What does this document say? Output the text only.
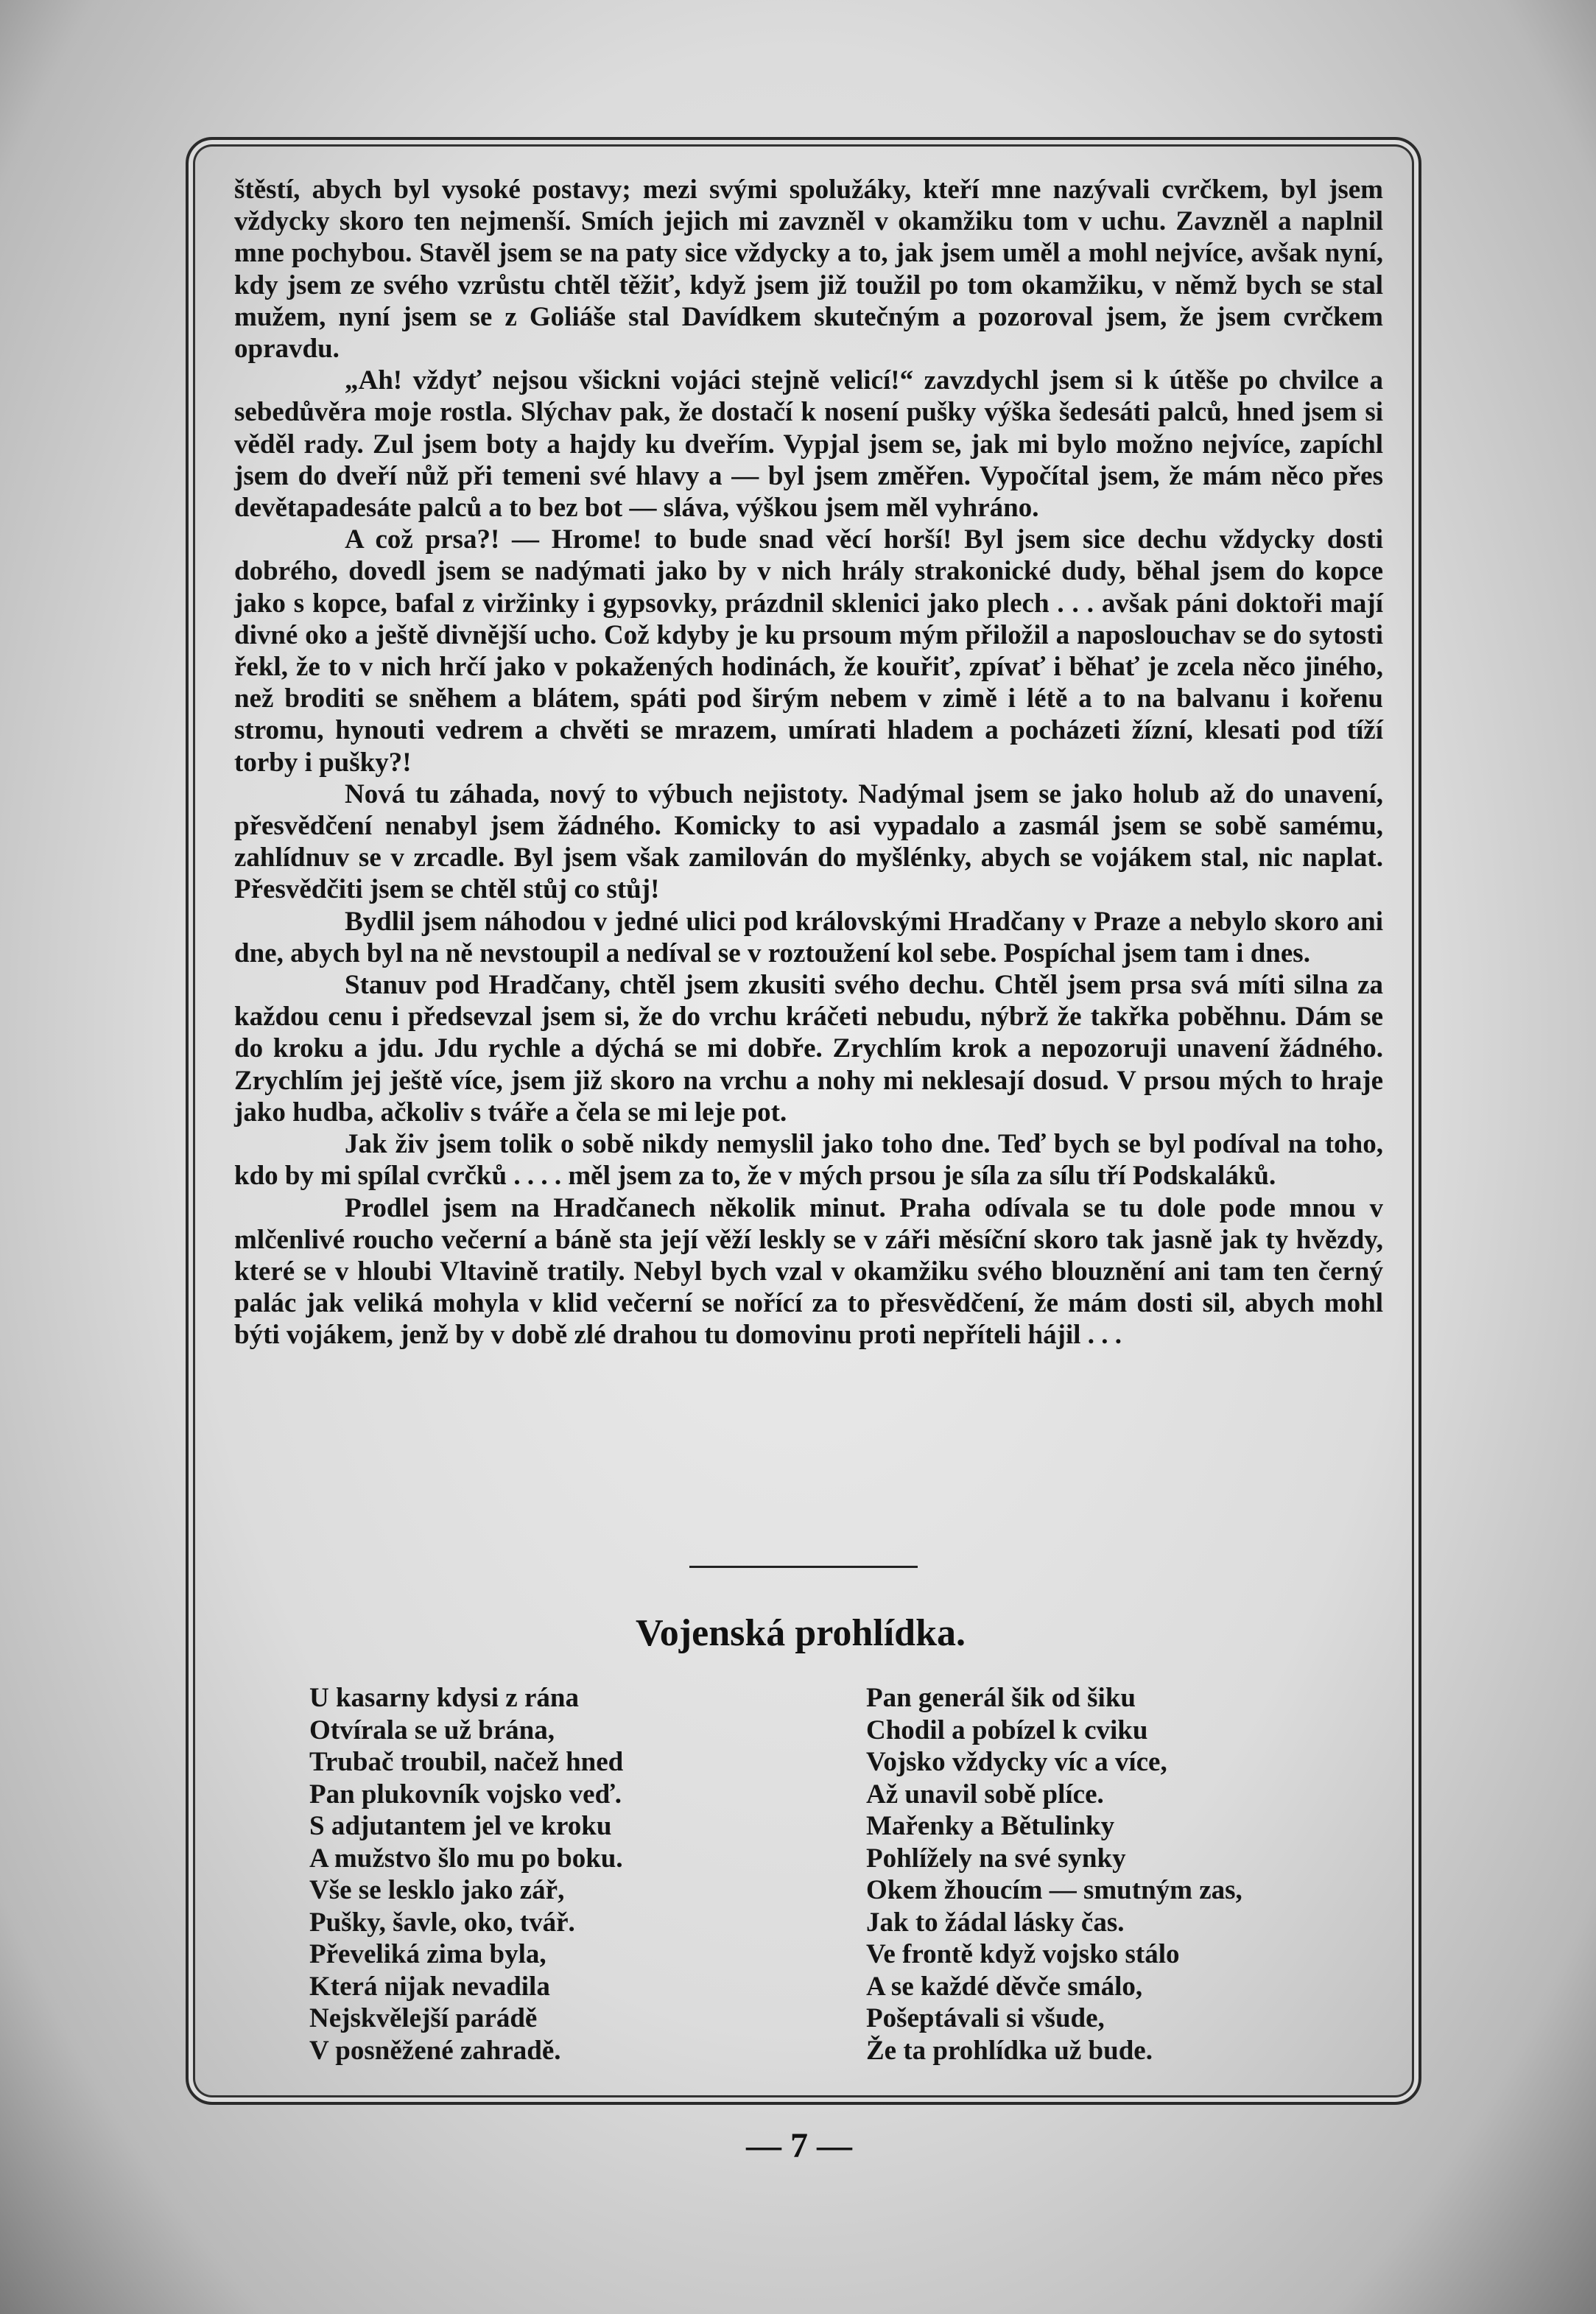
štěstí, abych byl vysoké postavy; mezi svými spolužáky, kteří mne nazývali cvrčkem, byl jsem vždycky skoro ten nejmenší. Smích jejich mi zavzněl v okamžiku tom v uchu. Zavzněl a naplnil mne pochybou. Stavěl jsem se na paty sice vždycky a to, jak jsem uměl a mohl nejvíce, avšak nyní, kdy jsem ze svého vzrůstu chtěl těžiť, když jsem již toužil po tom okamžiku, v němž bych se stal mužem, nyní jsem se z Goliáše stal Davídkem skutečným a pozoroval jsem, že jsem cvrčkem opravdu.

„Ah! vždyť nejsou všickni vojáci stejně velicí!“ zavzdychl jsem si k útěše po chvilce a sebedůvěra moje rostla. Slýchav pak, že dostačí k nosení pušky výška šedesáti palců, hned jsem si věděl rady. Zul jsem boty a hajdy ku dveřím. Vypjal jsem se, jak mi bylo možno nejvíce, zapíchl jsem do dveří nůž při temeni své hlavy a — byl jsem změřen. Vypočítal jsem, že mám něco přes devětapadesáte palců a to bez bot — sláva, výškou jsem měl vyhráno.

A což prsa?! — Hrome! to bude snad věcí horší! Byl jsem sice dechu vždycky dosti dobrého, dovedl jsem se nadýmati jako by v nich hrály strakonické dudy, běhal jsem do kopce jako s kopce, bafal z viržinky i gypsovky, prázdnil sklenici jako plech . . . avšak páni doktoři mají divné oko a ještě divnější ucho. Což kdyby je ku prsoum mým přiložil a naposlouchav se do sytosti řekl, že to v nich hrčí jako v pokažených hodinách, že kouřiť, zpívať i běhať je zcela něco jiného, než broditi se sněhem a blátem, spáti pod širým nebem v zimě i létě a to na balvanu i kořenu stromu, hynouti vedrem a chvěti se mrazem, umírati hladem a pocházeti žízní, klesati pod tíží torby i pušky?!

Nová tu záhada, nový to výbuch nejistoty. Nadýmal jsem se jako holub až do unavení, přesvědčení nenabyl jsem žádného. Komicky to asi vypadalo a zasmál jsem se sobě samému, zahlídnuv se v zrcadle. Byl jsem však zamilován do myšlénky, abych se vojákem stal, nic naplat. Přesvědčiti jsem se chtěl stůj co stůj!

Bydlil jsem náhodou v jedné ulici pod královskými Hradčany v Praze a nebylo skoro ani dne, abych byl na ně nevstoupil a nedíval se v roztoužení kol sebe. Pospíchal jsem tam i dnes.

Stanuv pod Hradčany, chtěl jsem zkusiti svého dechu. Chtěl jsem prsa svá míti silna za každou cenu i předsevzal jsem si, že do vrchu kráčeti nebudu, nýbrž že takřka poběhnu. Dám se do kroku a jdu. Jdu rychle a dýchá se mi dobře. Zrychlím krok a nepozoruji unavení žádného. Zrychlím jej ještě více, jsem již skoro na vrchu a nohy mi neklesají dosud. V prsou mých to hraje jako hudba, ačkoliv s tváře a čela se mi leje pot.

Jak živ jsem tolik o sobě nikdy nemyslil jako toho dne. Teď bych se byl podíval na toho, kdo by mi spílal cvrčků . . . . měl jsem za to, že v mých prsou je síla za sílu tří Podskaláků.

Prodlel jsem na Hradčanech několik minut. Praha odívala se tu dole pode mnou v mlčenlivé roucho večerní a báně sta její věží leskly se v záři měsíční skoro tak jasně jak ty hvězdy, které se v hloubi Vltavině tratily. Nebyl bych vzal v okamžiku svého blouznění ani tam ten černý palác jak veliká mohyla v klid večerní se nořící za to přesvědčení, že mám dosti sil, abych mohl býti vojákem, jenž by v době zlé drahou tu domovinu proti nepříteli hájil . . .

Vojenská prohlídka.
U kasarny kdysi z rána
Otvírala se už brána,
Trubač troubil, načež hned
Pan plukovník vojsko veď.
S adjutantem jel ve kroku
A mužstvo šlo mu po boku.
Vše se lesklo jako zář,
Pušky, šavle, oko, tvář.
Převeliká zima byla,
Která nijak nevadila
Nejskvělejší parádě
V posněžené zahradě.
Pan generál šik od šiku
Chodil a pobízel k cviku
Vojsko vždycky víc a více,
Až unavil sobě plíce.
Mařenky a Bětulinky
Pohlížely na své synky
Okem žhoucím — smutným zas,
Jak to žádal lásky čas.
Ve frontě když vojsko stálo
A se každé děvče smálo,
Pošeptávali si všude,
Že ta prohlídka už bude.
— 7 —
